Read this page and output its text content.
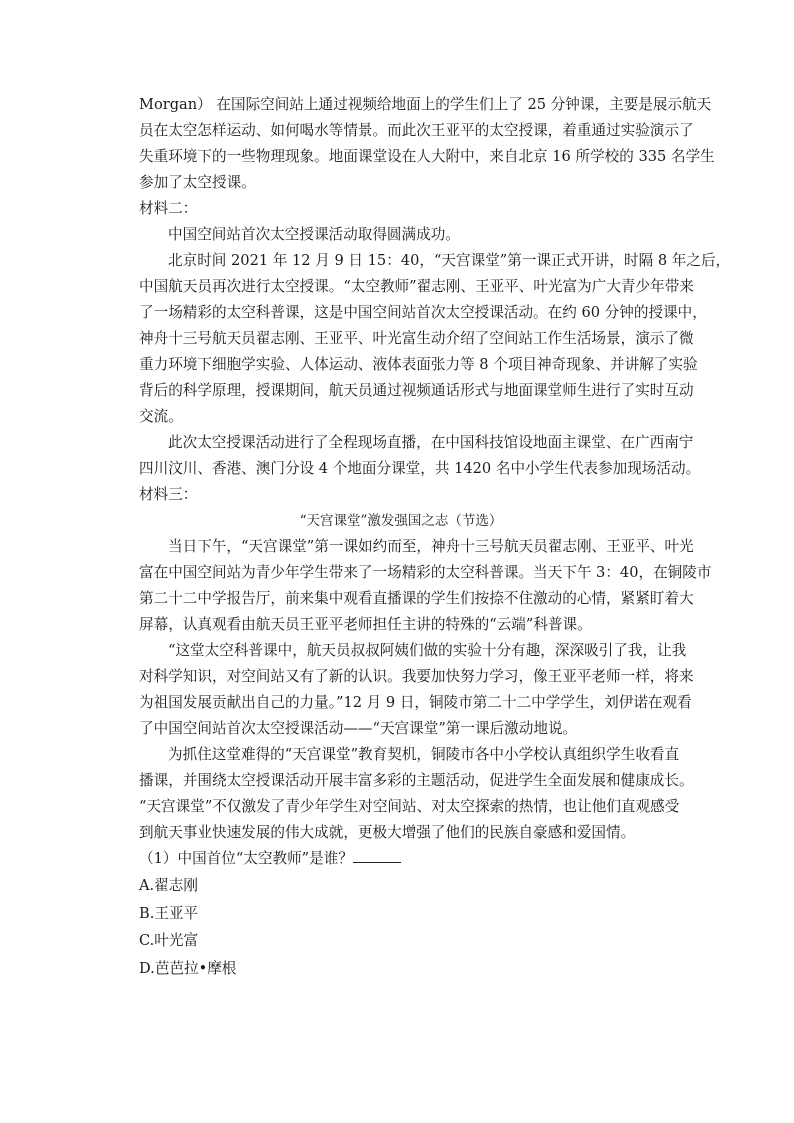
Morgan） 在国际空间站上通过视频给地面上的学生们上了 25 分钟课，主要是展示航天

员在太空怎样运动、如何喝水等情景。而此次王亚平的太空授课，着重通过实验演示了

失重环境下的一些物理现象。地面课堂设在人大附中，来自北京 16 所学校的 335 名学生

参加了太空授课。

材料二：

中国空间站首次太空授课活动取得圆满成功。

北京时间 2021 年 12 月 9 日 15：40，“天宫课堂”第一课正式开讲，时隔 8 年之后，

中国航天员再次进行太空授课。“太空教师”翟志刚、王亚平、叶光富为广大青少年带来

了一场精彩的太空科普课，这是中国空间站首次太空授课活动。在约 60 分钟的授课中，

神舟十三号航天员翟志刚、王亚平、叶光富生动介绍了空间站工作生活场景，演示了微

重力环境下细胞学实验、人体运动、液体表面张力等 8 个项目神奇现象、并讲解了实验

背后的科学原理，授课期间，航天员通过视频通话形式与地面课堂师生进行了实时互动

交流。

此次太空授课活动进行了全程现场直播，在中国科技馆设地面主课堂、在广西南宁

四川汶川、香港、澳门分设 4 个地面分课堂，共 1420 名中小学生代表参加现场活动。

材料三：

“天宫课堂”激发强国之志（节选）

当日下午，“天宫课堂”第一课如约而至，神舟十三号航天员翟志刚、王亚平、叶光

富在中国空间站为青少年学生带来了一场精彩的太空科普课。当天下午 3：40，在铜陵市

第二十二中学报告厅，前来集中观看直播课的学生们按捺不住激动的心情，紧紧盯着大

屏幕，认真观看由航天员王亚平老师担任主讲的特殊的“云端”科普课。

“这堂太空科普课中，航天员叔叔阿姨们做的实验十分有趣，深深吸引了我，让我

对科学知识，对空间站又有了新的认识。我要加快努力学习，像王亚平老师一样，将来

为祖国发展贡献出自己的力量。”12 月 9 日，铜陵市第二十二中学学生，刘伊诺在观看

了中国空间站首次太空授课活动——“天宫课堂”第一课后激动地说。

为抓住这堂难得的“天宫课堂”教育契机，铜陵市各中小学校认真组织学生收看直

播课，并围绕太空授课活动开展丰富多彩的主题活动，促进学生全面发展和健康成长。

“天宫课堂”不仅激发了青少年学生对空间站、对太空探索的热情，也让他们直观感受

到航天事业快速发展的伟大成就，更极大增强了他们的民族自豪感和爱国情。

（1）中国首位“太空教师”是谁？

A.翟志刚

B.王亚平

C.叶光富

D.芭芭拉•摩根
